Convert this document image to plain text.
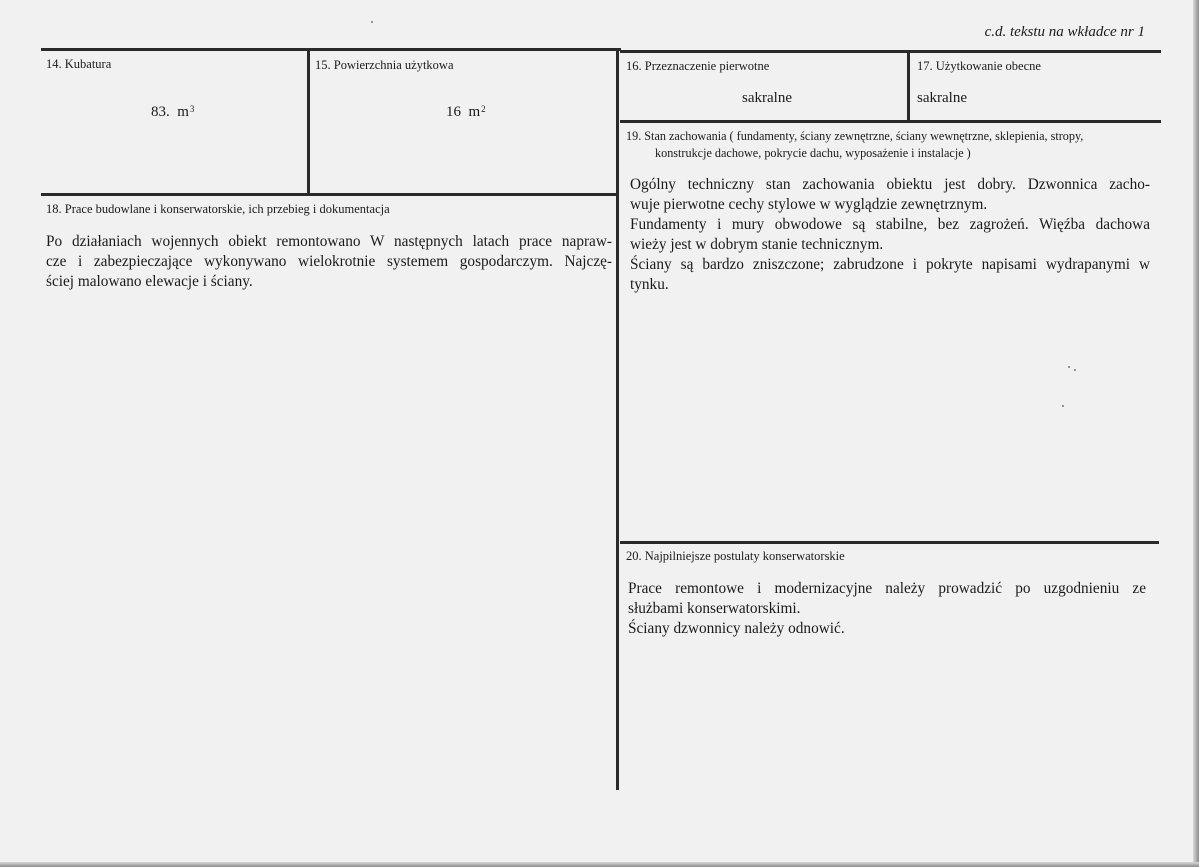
c.d. tekstu na wkładce nr 1
14. Kubatura
83. $m^3$
15. Powierzchnia użytkowa
16 $m^2$
16. Przeznaczenie pierwotne
sakralne
17. Użytkowanie obecne
sakralne
18. Prace budowlane i konserwatorskie, ich przebieg i dokumentacja
Po działaniach wojennych obiekt remontowano W następnych latach prace napraw-
cze i zabezpieczające wykonywano wielokrotnie systemem gospodarczym. Najczę-
ściej malowano elewacje i ściany.
19. Stan zachowania ( fundamenty, ściany zewnętrzne, ściany wewnętrzne, sklepienia, stropy,
konstrukcje dachowe, pokrycie dachu, wyposażenie i instalacje )
Ogólny techniczny stan zachowania obiektu jest dobry. Dzwonnica zacho-
wuje pierwotne cechy stylowe w wyglądzie zewnętrznym.
Fundamenty i mury obwodowe są stabilne, bez zagrożeń. Więźba dachowa
wieży jest w dobrym stanie technicznym.
Ściany są bardzo zniszczone; zabrudzone i pokryte napisami wydrapanymi w
tynku.
20. Najpilniejsze postulaty konserwatorskie
Prace remontowe i modernizacyjne należy prowadzić po uzgodnieniu ze
służbami konserwatorskimi.
Ściany dzwonnicy należy odnowić.
